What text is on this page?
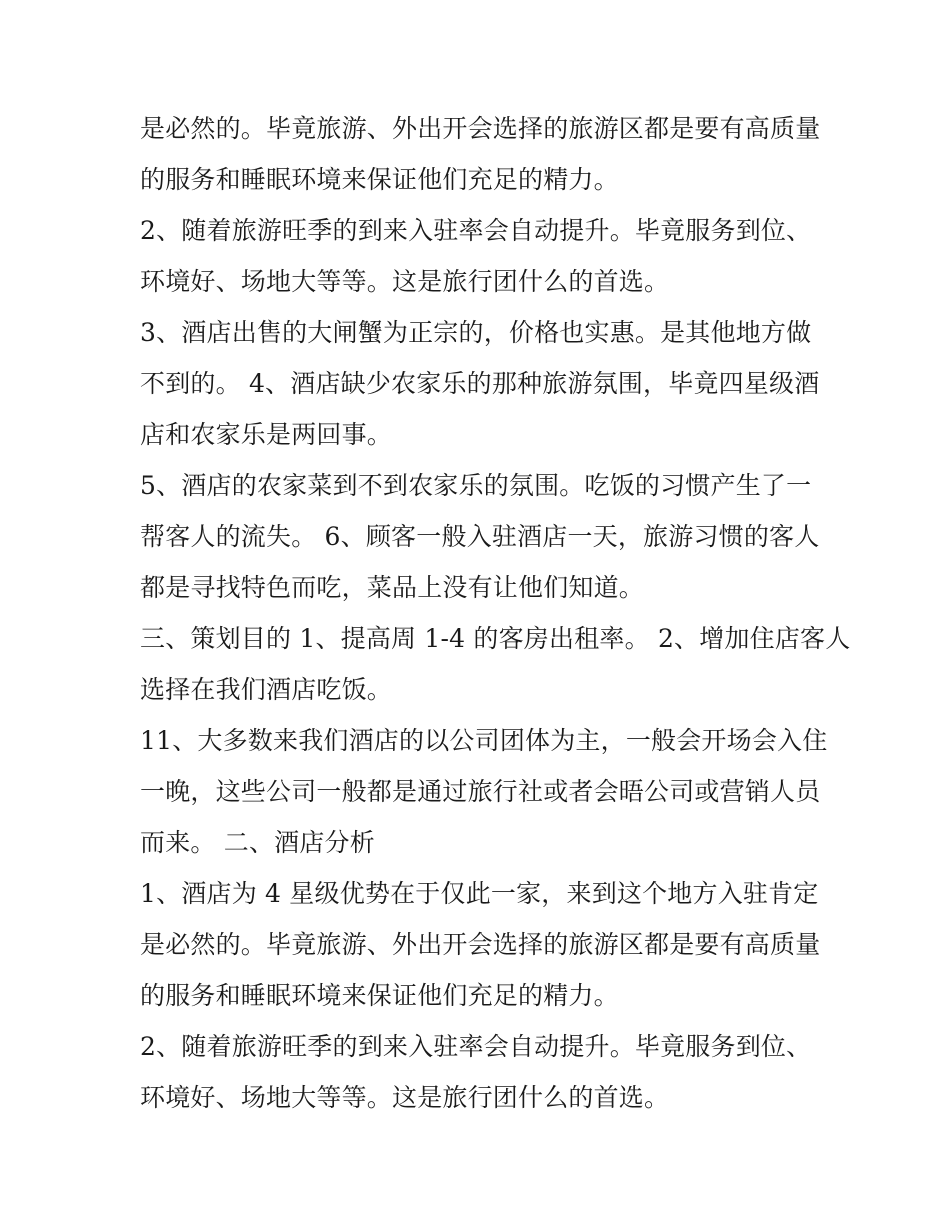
是必然的。毕竟旅游、外出开会选择的旅游区都是要有高质量
的服务和睡眠环境来保证他们充足的精力。
2、随着旅游旺季的到来入驻率会自动提升。毕竟服务到位、
环境好、场地大等等。这是旅行团什么的首选。
3、酒店出售的大闸蟹为正宗的，价格也实惠。是其他地方做
不到的。 4、酒店缺少农家乐的那种旅游氛围，毕竟四星级酒
店和农家乐是两回事。
5、酒店的农家菜到不到农家乐的氛围。吃饭的习惯产生了一
帮客人的流失。 6、顾客一般入驻酒店一天，旅游习惯的客人
都是寻找特色而吃，菜品上没有让他们知道。
三、策划目的 1、提高周 1-4 的客房出租率。 2、增加住店客人
选择在我们酒店吃饭。
11、大多数来我们酒店的以公司团体为主，一般会开场会入住
一晚，这些公司一般都是通过旅行社或者会晤公司或营销人员
而来。 二、酒店分析
1、酒店为 4 星级优势在于仅此一家，来到这个地方入驻肯定
是必然的。毕竟旅游、外出开会选择的旅游区都是要有高质量
的服务和睡眠环境来保证他们充足的精力。
2、随着旅游旺季的到来入驻率会自动提升。毕竟服务到位、
环境好、场地大等等。这是旅行团什么的首选。
